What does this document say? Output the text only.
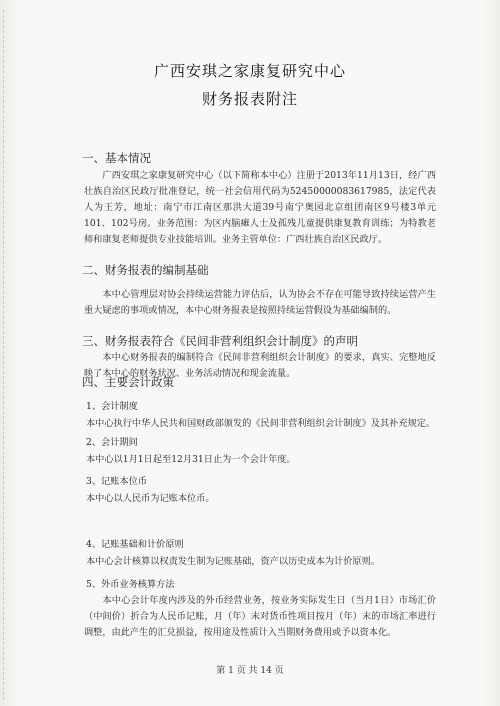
广西安琪之家康复研究中心
财务报表附注
一、基本情况

广西安琪之家康复研究中心（以下简称本中心）注册于2013年11月13日，经广西壮族自治区民政厅批准登记，统一社会信用代码为52450000083617985，法定代表人为王芳，地址：南宁市江南区那洪大道39号南宁奥园北京组团南区9号楼3单元101、102号房。业务范围：为区内脑瘫人士及孤残儿童提供康复教育训练；为特教老师和康复老师提供专业技能培训。业务主管单位：广西壮族自治区民政厅。

二、财务报表的编制基础

本中心管理层对协会持续运营能力评估后，认为协会不存在可能导致持续运营产生重大疑虑的事项或情况，本中心财务报表是按照持续运营假设为基础编制的。

三、财务报表符合《民间非营利组织会计制度》的声明

本中心财务报表的编制符合《民间非营利组织会计制度》的要求，真实、完整地反映了本中心的财务状况、业务活动情况和现金流量。

四、主要会计政策
1、会计制度
本中心执行中华人民共和国财政部颁发的《民间非营利组织会计制度》及其补充规定。
2、会计期间
本中心以1月1日起至12月31日止为一个会计年度。
3、记账本位币
本中心以人民币为记账本位币。
4、记账基础和计价原则
本中心会计核算以权责发生制为记账基础，资产以历史成本为计价原则。
5、外币业务核算方法

本中心会计年度内涉及的外币经营业务，按业务实际发生日（当月1日）市场汇价（中间价）折合为人民币记账，月（年）末对货币性项目按月（年）末的市场汇率进行调整，由此产生的汇兑损益，按用途及性质计入当期财务费用或予以资本化。

第 1 页 共 14 页
